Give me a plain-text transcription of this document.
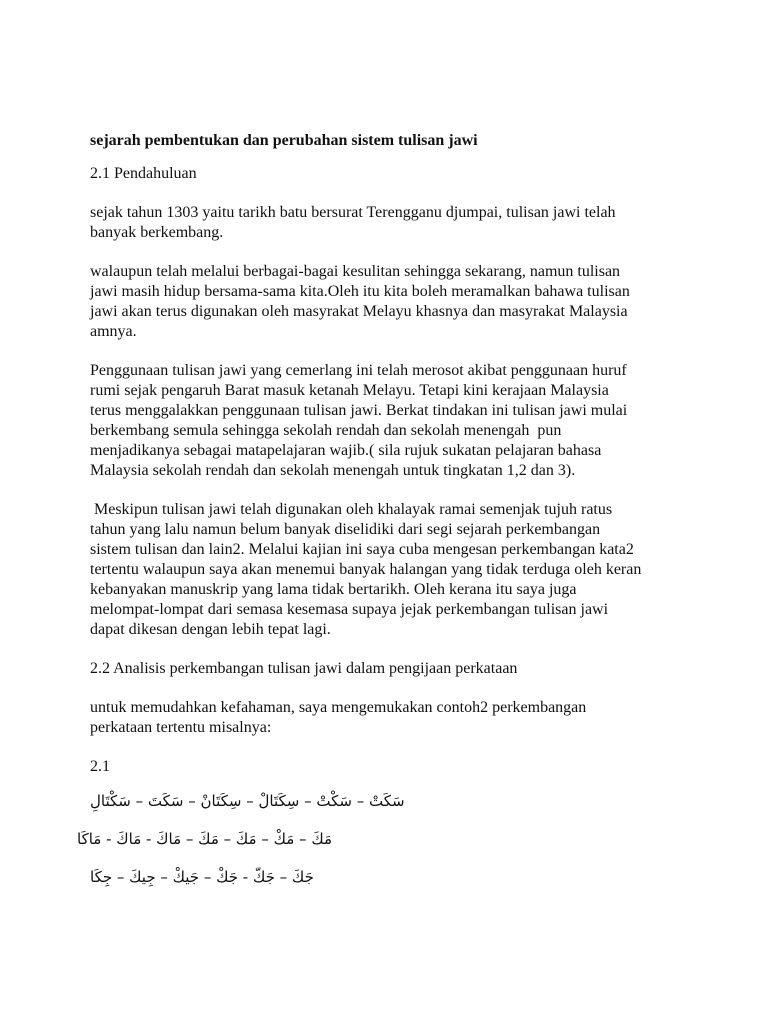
sejarah pembentukan dan perubahan sistem tulisan jawi
2.1 Pendahuluan
sejak tahun 1303 yaitu tarikh batu bersurat Terengganu djumpai, tulisan jawi telah
banyak berkembang.
walaupun telah melalui berbagai-bagai kesulitan sehingga sekarang, namun tulisan
jawi masih hidup bersama-sama kita.Oleh itu kita boleh meramalkan bahawa tulisan
jawi akan terus digunakan oleh masyrakat Melayu khasnya dan masyrakat Malaysia
amnya.
Penggunaan tulisan jawi yang cemerlang ini telah merosot akibat penggunaan huruf
rumi sejak pengaruh Barat masuk ketanah Melayu. Tetapi kini kerajaan Malaysia
terus menggalakkan penggunaan tulisan jawi. Berkat tindakan ini tulisan jawi mulai
berkembang semula sehingga sekolah rendah dan sekolah menengah  pun
menjadikanya sebagai matapelajaran wajib.( sila rujuk sukatan pelajaran bahasa
Malaysia sekolah rendah dan sekolah menengah untuk tingkatan 1,2 dan 3).
Meskipun tulisan jawi telah digunakan oleh khalayak ramai semenjak tujuh ratus
tahun yang lalu namun belum banyak diselidiki dari segi sejarah perkembangan
sistem tulisan dan lain2. Melalui kajian ini saya cuba mengesan perkembangan kata2
tertentu walaupun saya akan menemui banyak halangan yang tidak terduga oleh keran
kebanyakan manuskrip yang lama tidak bertarikh. Oleh kerana itu saya juga
melompat-lompat dari semasa kesemasa supaya jejak perkembangan tulisan jawi
dapat dikesan dengan lebih tepat lagi.
2.2 Analisis perkembangan tulisan jawi dalam pengijaan perkataan
untuk memudahkan kefahaman, saya mengemukakan contoh2 perkembangan
perkataan tertentu misalnya:
2.1
سَكَتْ – سَكْتْ – سِكَتَالْ – سِكَتَانْ – سَكَتَ – سَكْتَالِ
مَكَ – مَكْ – مَكَ – مَكَ – مَاكَ - مَاكَ - مَاكَا
جَكَ – جَكّ - جَكْ – جَيكْ – جِيكَ – جِكَا
